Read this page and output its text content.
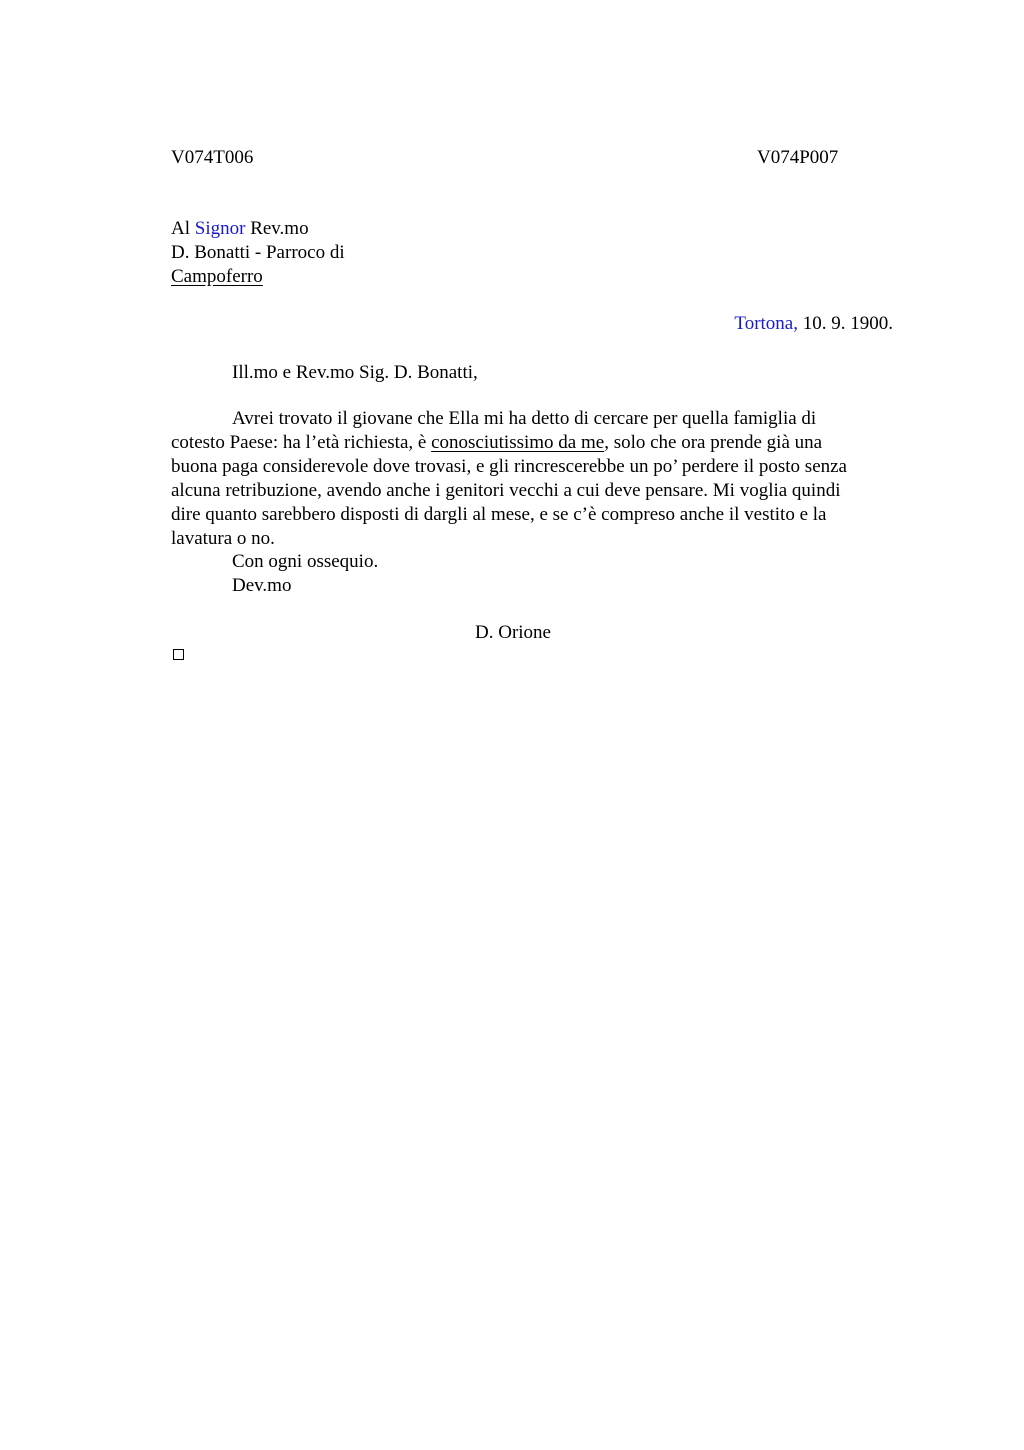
V074T006	V074P007
Al Signor Rev.mo
D. Bonatti - Parroco di
Campoferro
Tortona, 10. 9. 1900.
Ill.mo e Rev.mo Sig. D. Bonatti,
Avrei trovato il giovane che Ella mi ha detto di cercare per quella famiglia di
cotesto Paese: ha l’età richiesta, è conosciutissimo da me, solo che ora prende già una
buona paga considerevole dove trovasi, e gli rincrescerebbe un po’ perdere il posto senza
alcuna retribuzione, avendo anche i genitori vecchi a cui deve pensare. Mi voglia quindi
dire quanto sarebbero disposti di dargli al mese, e se c’è compreso anche il vestito e la
lavatura o no.
Con ogni ossequio.
Dev.mo
D. Orione
